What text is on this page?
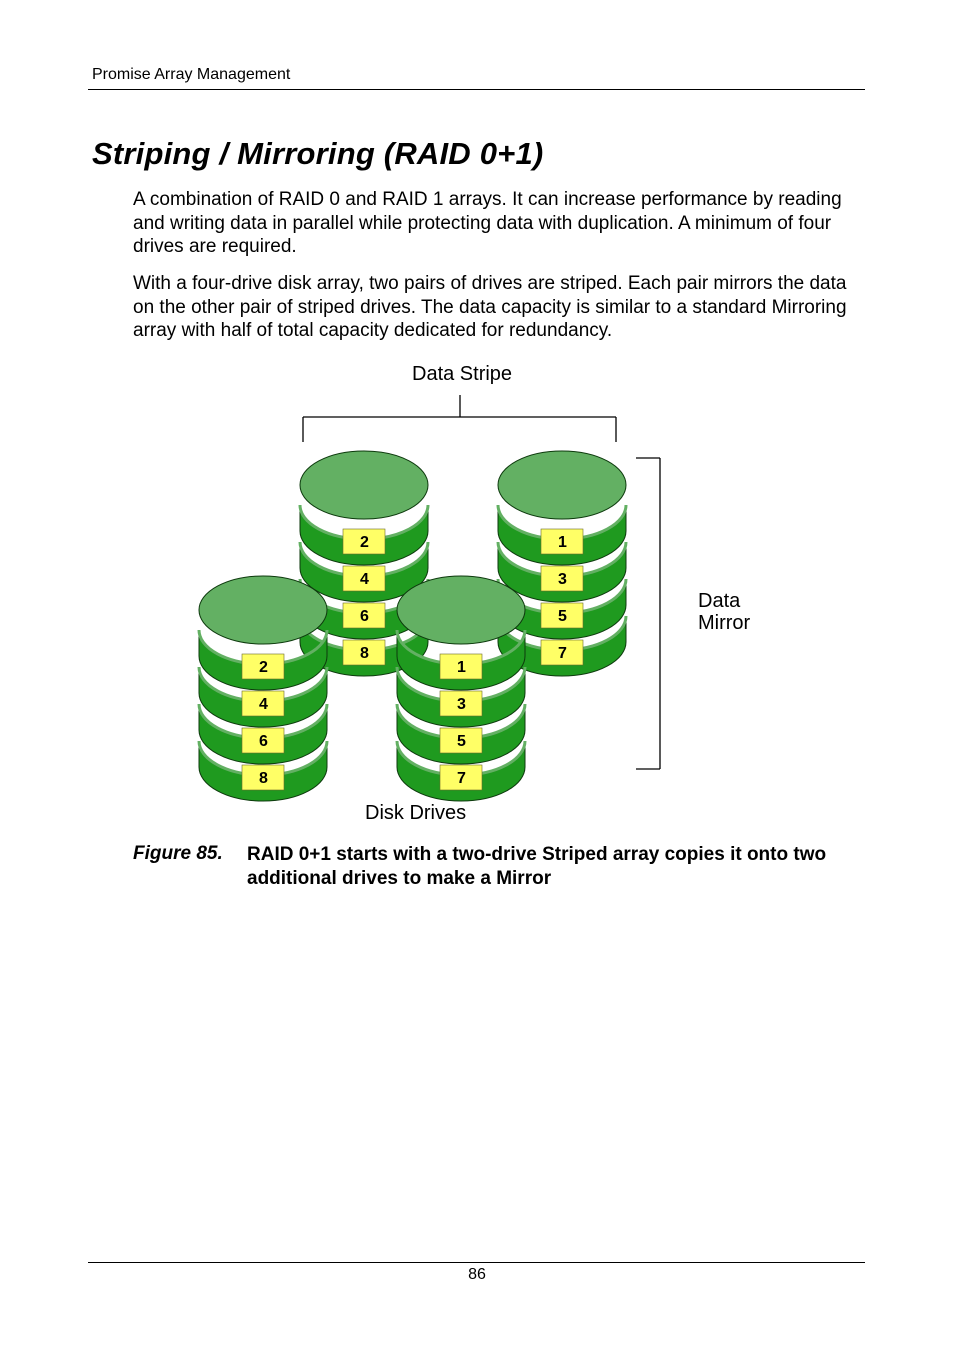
Promise Array Management
Striping / Mirroring (RAID 0+1)

A combination of RAID 0 and RAID 1 arrays. It can increase performance by reading and writing data in parallel while protecting data with duplication. A minimum of four drives are required.

With a four-drive disk array, two pairs of drives are striped. Each pair mirrors the data on the other pair of striped drives. The data capacity is similar to a standard Mirroring array with half of total capacity dedicated for redundancy.

Data Stripe
Data
Mirror
8
6
4
2
7
5
3
1
8
6
4
2
7
5
3
1
Disk Drives
Figure 85. RAID 0+1 starts with a two-drive Striped array copies it onto two additional drives to make a Mirror

86
